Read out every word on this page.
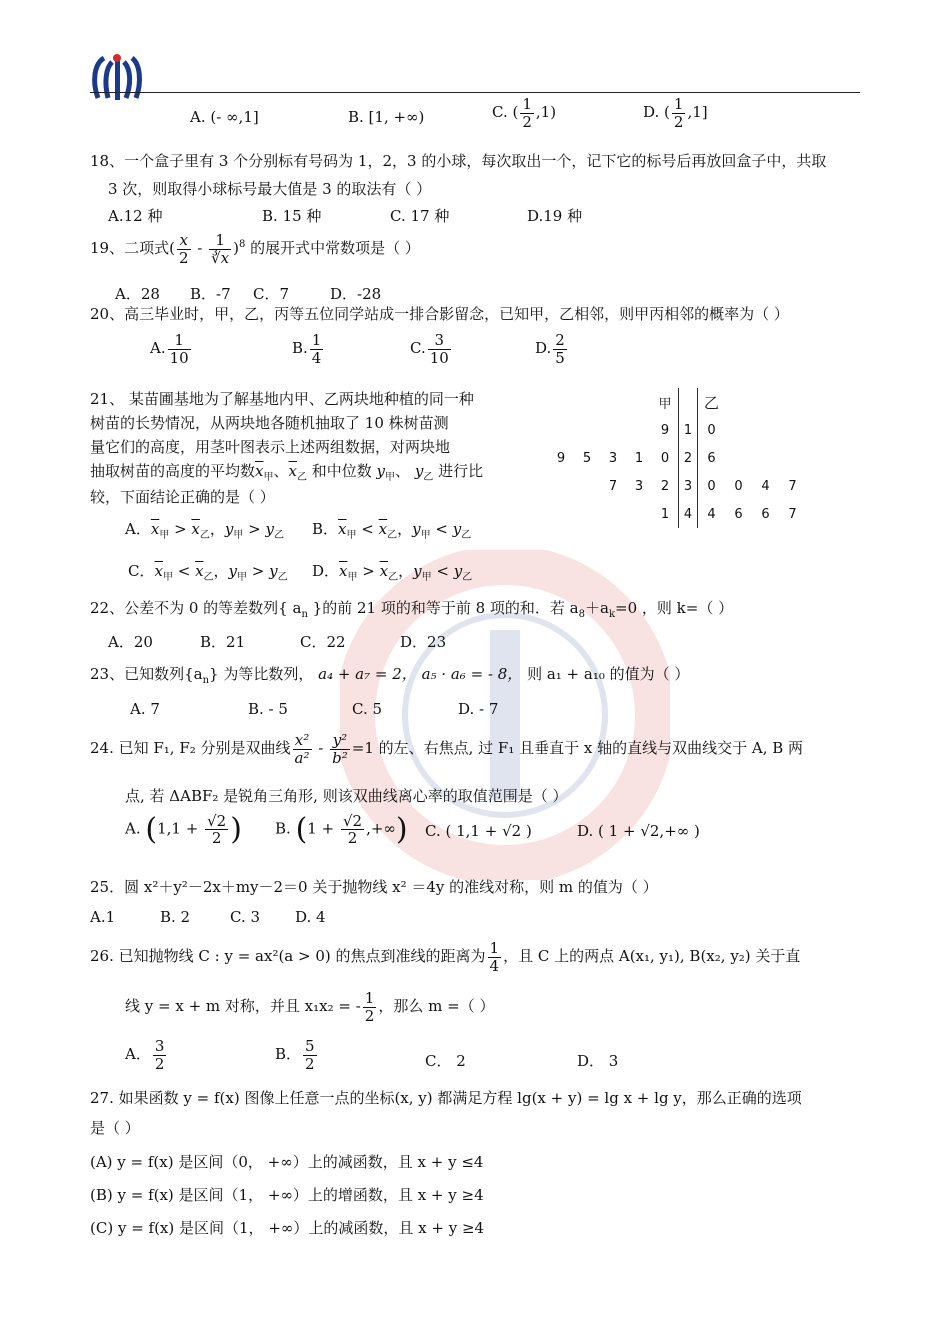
A. (- ∞,1]	B. [1, +∞)	C. ( $\frac{1}{2} ,1$)	D. ( $\frac{1}{2} ,1$]
18、一个盒子里有 3 个分别标有号码为 1，2，3 的小球，每次取出一个，记下它的标号后再放回盒子中，共取
3 次，则取得小球标号最大值是 3 的取法有（ ）
A.12 种	B. 15 种	C. 17 种	D.19 种
19、二项式( $\frac{x}{2} - \frac{1}{∛x} )^8$ 的展开式中常数项是（ ）
A．28 B．-7 C．7	D．-28
20、高三毕业时，甲，乙，丙等五位同学站成一排合影留念，已知甲，乙相邻，则甲丙相邻的概率为（ ）
A. $\frac{1}{10}$	B. $\frac{1}{4}$	C. $\frac{3}{10}$	D. $\frac{2}{5}$
21、 某苗圃基地为了解基地内甲、乙两块地种植的同一种
树苗的长势情况，从两块地各随机抽取了 10 株树苗测
量它们的高度，用茎叶图表示上述两组数据，对两块地
抽取树苗的高度的平均数$\overline{x}_甲$、$\overline{x}_乙$ 和中位数 $y_甲$、 $y_乙$ 进行比
较，下面结论正确的是（ ）
A．$\overline{x}_甲 > \overline{x}_乙$，$y_甲 > y_乙$ B．$\overline{x}_甲 < \overline{x}_乙$，$y_甲 < y_乙$
C．$\overline{x}_甲 < \overline{x}_乙$，$y_甲 > y_乙$ D．$\overline{x}_甲 > \overline{x}_乙$，$y_甲 < y_乙$
				甲		乙				
				9	1	0				
9	5	3	1	0	2	6				
		7	3	2	3	0	0	4	7	
				1	4	4	6	6	7	
22、公差不为 0 的等差数列{ $a_n$ }的前 21 项的和等于前 8 项的和．若 $a_8+a_k=0$ ，则 k=（ ）
A．20	B．21	C．22	D．23
23、已知数列$\{a_n\}$ 为等比数列， a₄ + a₇ = 2， a₅ · a₆ = - 8， 则 a₁ + a₁₀ 的值为（ ）
A. 7	B. - 5	C. 5	D. - 7
24. 已知 F₁, F₂ 分别是双曲线 $\frac{\text{x²}}{\text{a²}} - \frac{\text{y²}}{\text{b²}} =1$ 的左、右焦点, 过 F₁ 且垂直于 x 轴的直线与双曲线交于 A, B 两
点, 若 ΔABF₂ 是锐角三角形, 则该双曲线离心率的取值范围是（ ）
A. ($1,1 + \frac{√2}{2}$ ) B. ($1 + \frac{√2}{2}$ ,+∞) C. ( 1,1 + √2 )	D. ( 1 + √2,+∞ )
25．圆 x²＋y²－2x＋my－2＝0 关于抛物线 x² ＝4y 的准线对称，则 m 的值为（ ）
A.1	B. 2	C. 3 D. 4
26. 已知抛物线 C : y = ax²(a > 0) 的焦点到准线的距离为 $\frac{1}{4}$ ，且 C 上的两点 A(x₁, y₁), B(x₂, y₂) 关于直
线 y = x + m 对称，并且 x₁x₂ = - $\frac{1}{2}$ ，那么 m =（ ）
A． $\frac{3}{2}$	B． $\frac{5}{2}$	C． 2	D． 3
27. 如果函数 y = f(x) 图像上任意一点的坐标(x, y) 都满足方程 lg(x + y) = lg x + lg y，那么正确的选项
是（ ）
(A) y = f(x) 是区间（0， +∞）上的减函数，且 x + y ≤4
(B) y = f(x) 是区间（1， +∞）上的增函数，且 x + y ≥4
(C) y = f(x) 是区间（1， +∞）上的减函数，且 x + y ≥4
